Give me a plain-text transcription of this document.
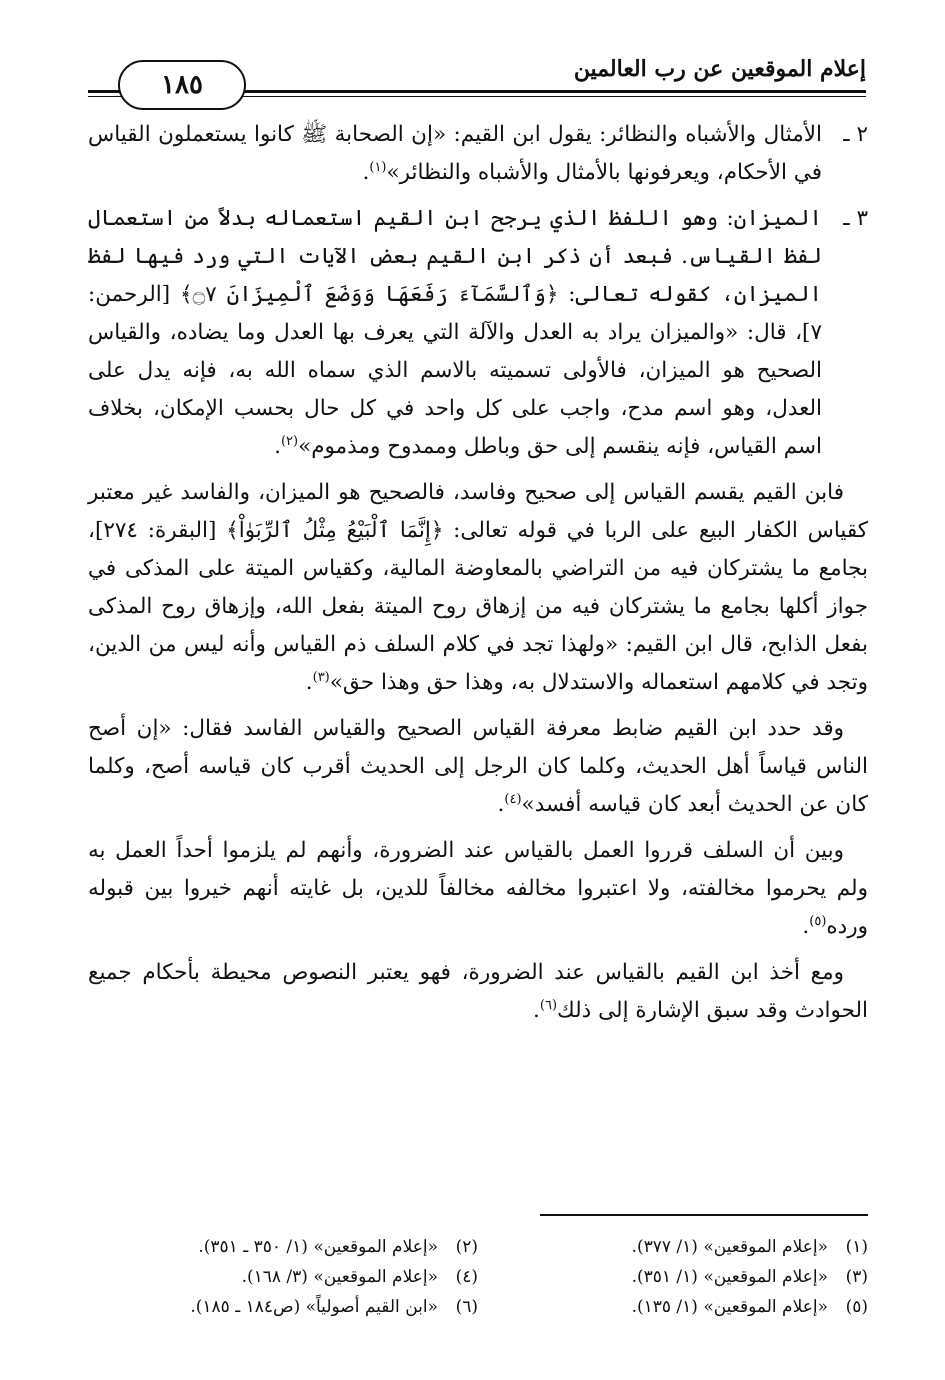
إعلام الموقعين عن رب العالمين
١٨٥
٢ ـ
الأمثال والأشباه والنظائر: يقول ابن القيم: «إن الصحابة ﷺ كانوا يستعملون القياس في الأحكام، ويعرفونها بالأمثال والأشباه والنظائر»$^{(١)}$.
٣ ـ
الميزان: وهو اللفظ الذي يرجح ابن القيم استعماله بدلاً من استعمال لفظ القياس. فبعد أن ذكر ابن القيم بعض الآيات التي ورد فيها لفظ الميزان، كقوله تعالى: ﴿وَٱلسَّمَآءَ رَفَعَهَا وَوَضَعَ ٱلْمِيزَانَ ۝٧﴾ [الرحمن: ٧]، قال: «والميزان يراد به العدل والآلة التي يعرف بها العدل وما يضاده، والقياس الصحيح هو الميزان، فالأولى تسميته بالاسم الذي سماه الله به، فإنه يدل على العدل، وهو اسم مدح، واجب على كل واحد في كل حال بحسب الإمكان، بخلاف اسم القياس، فإنه ينقسم إلى حق وباطل وممدوح ومذموم»$^{(٢)}$.

فابن القيم يقسم القياس إلى صحيح وفاسد، فالصحيح هو الميزان، والفاسد غير معتبر كقياس الكفار البيع على الربا في قوله تعالى: ﴿إِنَّمَا ٱلْبَيْعُ مِثْلُ ٱلرِّبَوٰاْ﴾ [البقرة: ٢٧٤]، بجامع ما يشتركان فيه من التراضي بالمعاوضة المالية، وكقياس الميتة على المذكى في جواز أكلها بجامع ما يشتركان فيه من إزهاق روح الميتة بفعل الله، وإزهاق روح المذكى بفعل الذابح، قال ابن القيم: «ولهذا تجد في كلام السلف ذم القياس وأنه ليس من الدين، وتجد في كلامهم استعماله والاستدلال به، وهذا حق وهذا حق»$^{(٣)}$.

وقد حدد ابن القيم ضابط معرفة القياس الصحيح والقياس الفاسد فقال: «إن أصح الناس قياساً أهل الحديث، وكلما كان الرجل إلى الحديث أقرب كان قياسه أصح، وكلما كان عن الحديث أبعد كان قياسه أفسد»$^{(٤)}$.

وبين أن السلف قرروا العمل بالقياس عند الضرورة، وأنهم لم يلزموا أحداً العمل به ولم يحرموا مخالفته، ولا اعتبروا مخالفه مخالفاً للدين، بل غايته أنهم خيروا بين قبوله ورده$^{(٥)}$.

ومع أخذ ابن القيم بالقياس عند الضرورة، فهو يعتبر النصوص محيطة بأحكام جميع الحوادث وقد سبق الإشارة إلى ذلك$^{(٦)}$.

(١)
«إعلام الموقعين» (١/ ٣٧٧).
(٢)
«إعلام الموقعين» (١/ ٣٥٠ ـ ٣٥١).
(٣)
«إعلام الموقعين» (١/ ٣٥١).
(٤)
«إعلام الموقعين» (٣/ ١٦٨).
(٥)
«إعلام الموقعين» (١/ ١٣٥).
(٦)
«ابن القيم أصولياً» (ص١٨٤ ـ ١٨٥).
